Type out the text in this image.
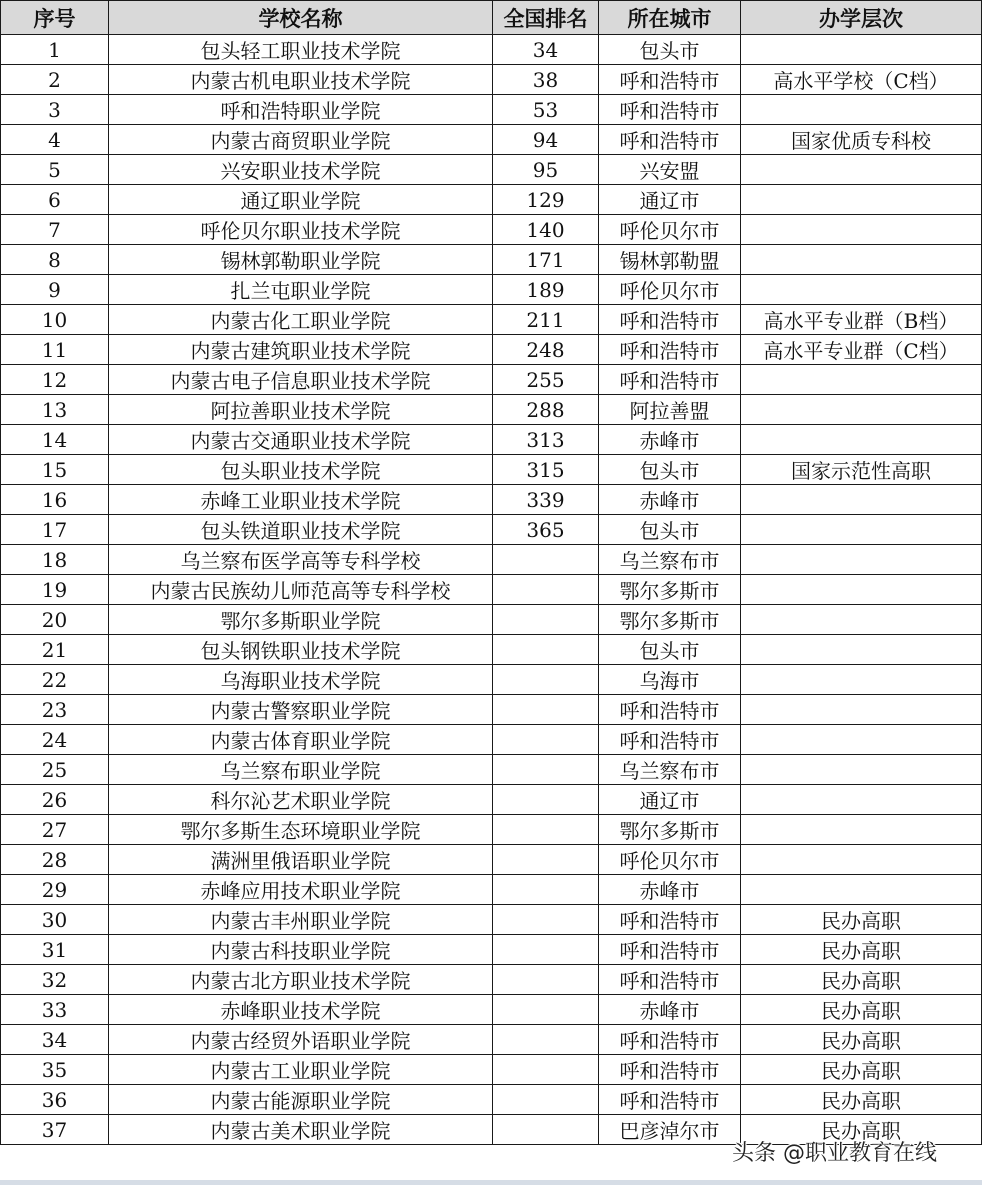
序号	学校名称	全国排名	所在城市	办学层次
1	包头轻工职业技术学院	34	包头市	
2	内蒙古机电职业技术学院	38	呼和浩特市	高水平学校（C档）
3	呼和浩特职业学院	53	呼和浩特市	
4	内蒙古商贸职业学院	94	呼和浩特市	国家优质专科校
5	兴安职业技术学院	95	兴安盟	
6	通辽职业学院	129	通辽市	
7	呼伦贝尔职业技术学院	140	呼伦贝尔市	
8	锡林郭勒职业学院	171	锡林郭勒盟	
9	扎兰屯职业学院	189	呼伦贝尔市	
10	内蒙古化工职业学院	211	呼和浩特市	高水平专业群（B档）
11	内蒙古建筑职业技术学院	248	呼和浩特市	高水平专业群（C档）
12	内蒙古电子信息职业技术学院	255	呼和浩特市	
13	阿拉善职业技术学院	288	阿拉善盟	
14	内蒙古交通职业技术学院	313	赤峰市	
15	包头职业技术学院	315	包头市	国家示范性高职
16	赤峰工业职业技术学院	339	赤峰市	
17	包头铁道职业技术学院	365	包头市	
18	乌兰察布医学高等专科学校		乌兰察布市	
19	内蒙古民族幼儿师范高等专科学校		鄂尔多斯市	
20	鄂尔多斯职业学院		鄂尔多斯市	
21	包头钢铁职业技术学院		包头市	
22	乌海职业技术学院		乌海市	
23	内蒙古警察职业学院		呼和浩特市	
24	内蒙古体育职业学院		呼和浩特市	
25	乌兰察布职业学院		乌兰察布市	
26	科尔沁艺术职业学院		通辽市	
27	鄂尔多斯生态环境职业学院		鄂尔多斯市	
28	满洲里俄语职业学院		呼伦贝尔市	
29	赤峰应用技术职业学院		赤峰市	
30	内蒙古丰州职业学院		呼和浩特市	民办高职
31	内蒙古科技职业学院		呼和浩特市	民办高职
32	内蒙古北方职业技术学院		呼和浩特市	民办高职
33	赤峰职业技术学院		赤峰市	民办高职
34	内蒙古经贸外语职业学院		呼和浩特市	民办高职
35	内蒙古工业职业学院		呼和浩特市	民办高职
36	内蒙古能源职业学院		呼和浩特市	民办高职
37	内蒙古美术职业学院		巴彦淖尔市	民办高职
头条 @职业教育在线
